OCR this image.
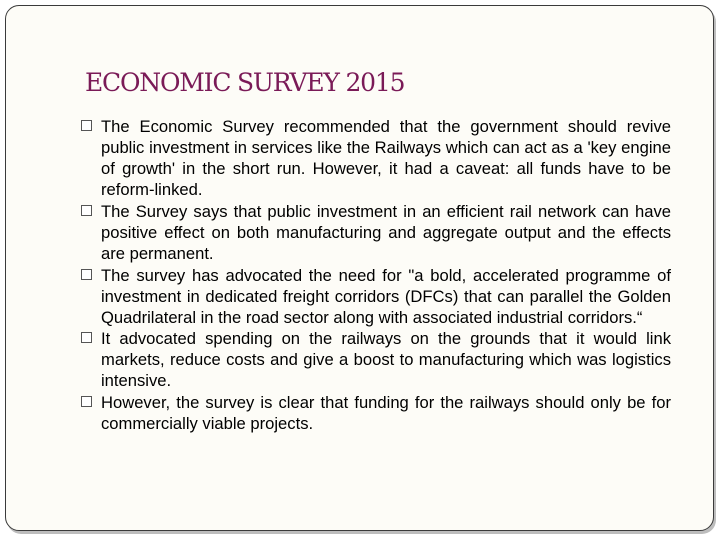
ECONOMIC SURVEY 2015
The Economic Survey recommended that the government should revive public investment in services like the Railways which can act as a 'key engine of growth' in the short run. However, it had a caveat: all funds have to be reform-linked.
The Survey says that public investment in an efficient rail network can have positive effect on both manufacturing and aggregate output and the effects are permanent.
The survey has advocated the need for "a bold, accelerated programme of investment in dedicated freight corridors (DFCs) that can parallel the Golden Quadrilateral in the road sector along with associated industrial corridors.“
It advocated spending on the railways on the grounds that it would link markets, reduce costs and give a boost to manufacturing which was logistics intensive.
However, the survey is clear that funding for the railways should only be for commercially viable projects.
